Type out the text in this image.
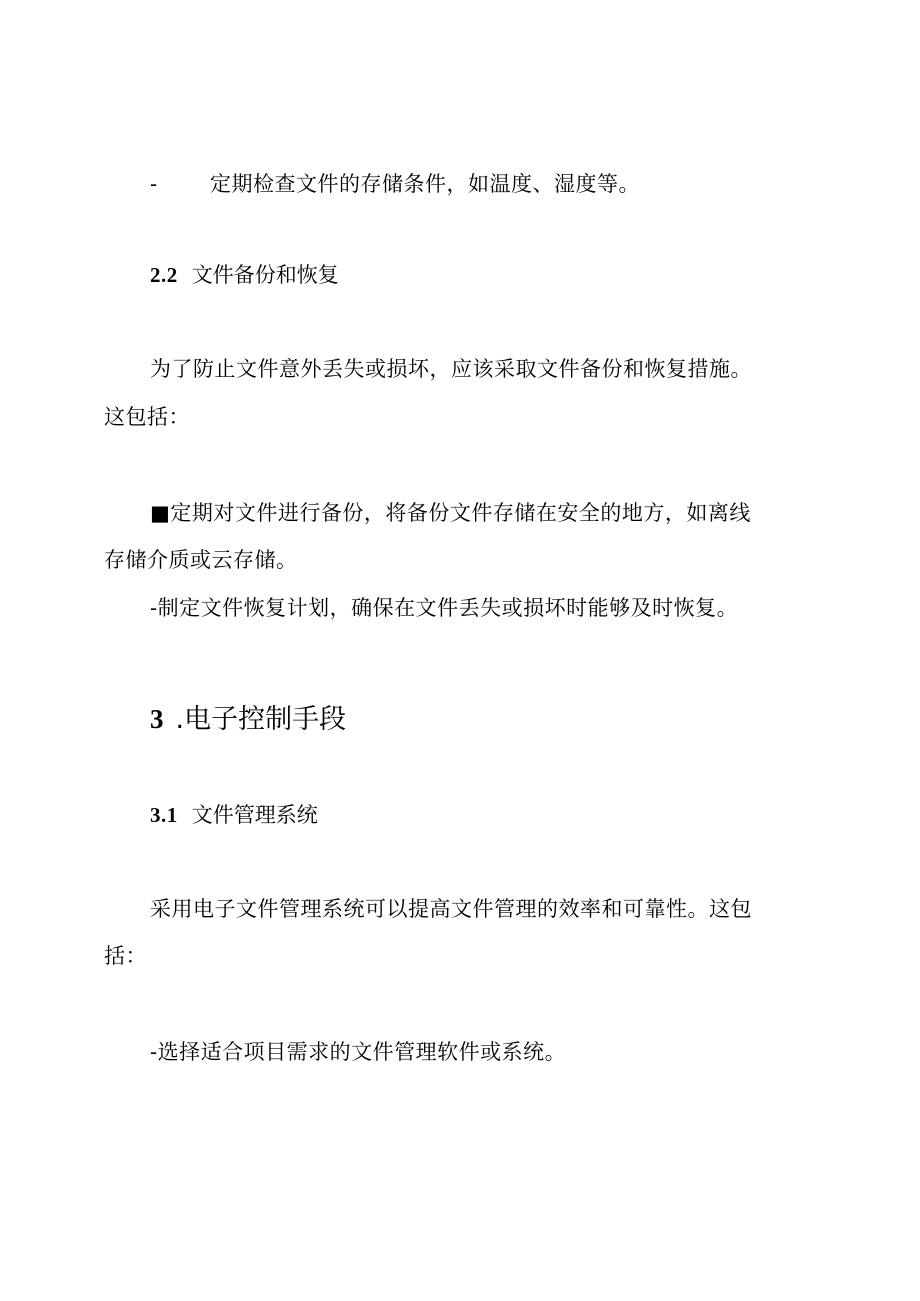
- 定期检查文件的存储条件，如温度、湿度等。
2.2 文件备份和恢复
为了防止文件意外丢失或损坏，应该采取文件备份和恢复措施。
这包括：
■定期对文件进行备份，将备份文件存储在安全的地方，如离线
存储介质或云存储。
-制定文件恢复计划，确保在文件丢失或损坏时能够及时恢复。
3 .电子控制手段
3.1 文件管理系统
采用电子文件管理系统可以提高文件管理的效率和可靠性。这包
括：
-选择适合项目需求的文件管理软件或系统。
